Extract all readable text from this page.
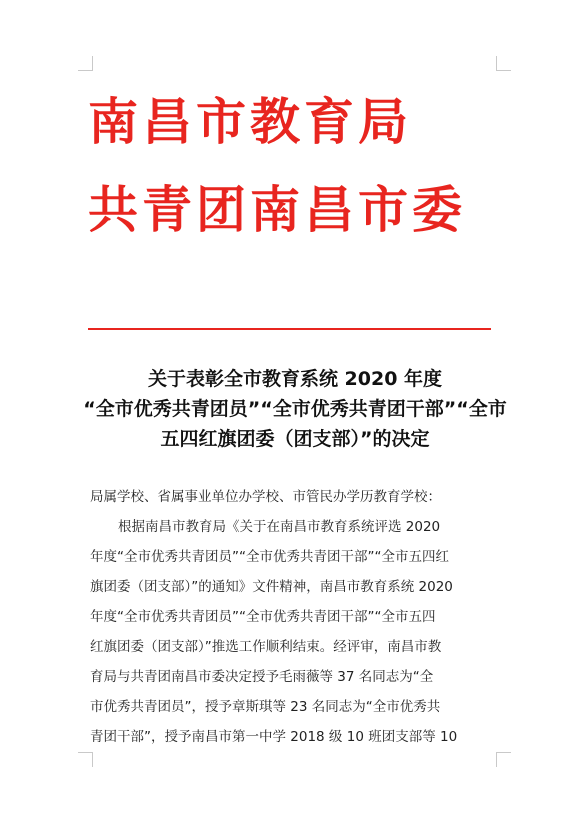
南昌市教育局
共青团南昌市委
关于表彰全市教育系统 2020 年度
“全市优秀共青团员”“全市优秀共青团干部”“全市
五四红旗团委（团支部）”的决定
局属学校、省属事业单位办学校、市管民办学历教育学校：
根据南昌市教育局《关于在南昌市教育系统评选 2020
年度“全市优秀共青团员”“全市优秀共青团干部”“全市五四红
旗团委（团支部）”的通知》文件精神，南昌市教育系统 2020
年度“全市优秀共青团员”“全市优秀共青团干部”“全市五四
红旗团委（团支部）”推选工作顺利结束。经评审，南昌市教
育局与共青团南昌市委决定授予毛雨薇等 37 名同志为“全
市优秀共青团员”，授予章斯琪等 23 名同志为“全市优秀共
青团干部”，授予南昌市第一中学 2018 级 10 班团支部等 10
